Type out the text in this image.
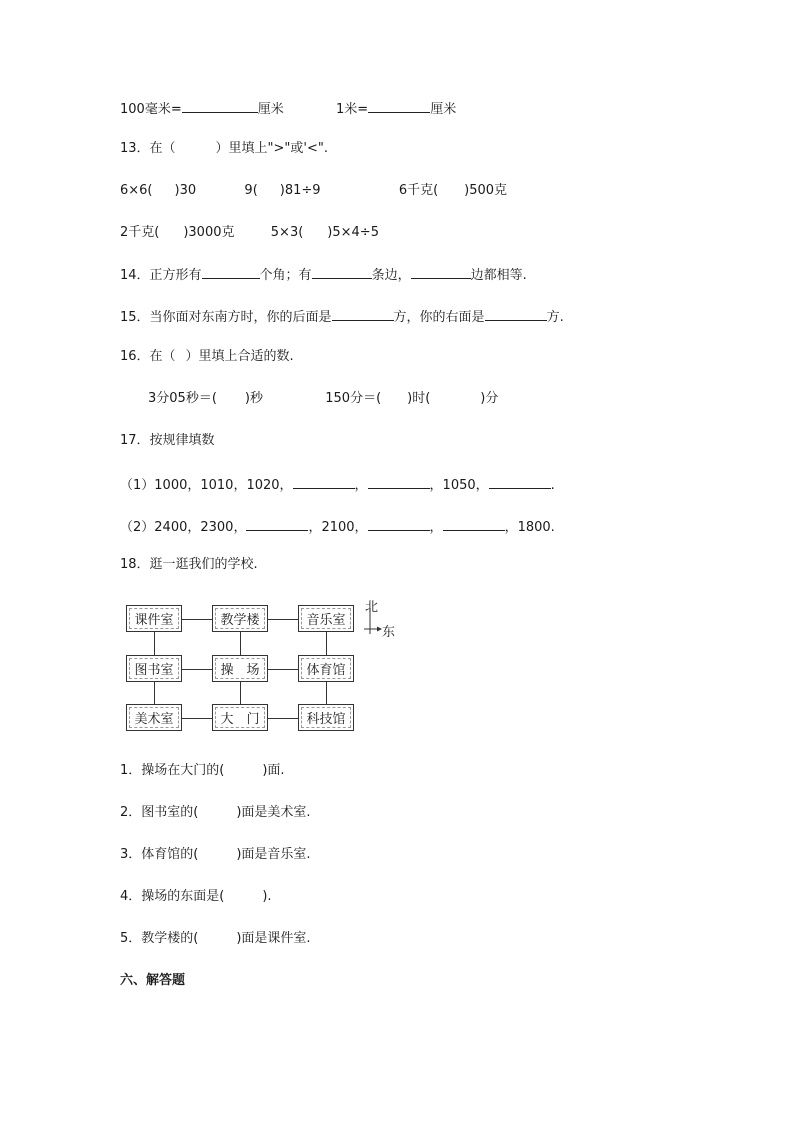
100毫米=	厘米	1米=	厘米
13．在（	）里填上">"或'<".
6×6( )30	9( )81÷9	6千克( )500克
2千克( )3000克	5×3( )5×4÷5
14．正方形有	个角；有	条边，	边都相等.
15．当你面对东南方时，你的后面是	方，你的右面是	方.
16．在（ ）里填上合适的数.
3分05秒＝( )秒	150分＝( )时(	)分
17．按规律填数
（1）1000，1010，1020，	，	，1050，	.
（2）2400，2300，	，2100，	，	，1800.
18．逛一逛我们的学校.
课件室	教学楼	音乐室
图书室	操　场	体育馆
美术室	大　门	科技馆
北
东
1．操场在大门的(	)面.
2．图书室的(	)面是美术室.
3．体育馆的(	)面是音乐室.
4．操场的东面是(	).
5．教学楼的(	)面是课件室.
六、解答题
